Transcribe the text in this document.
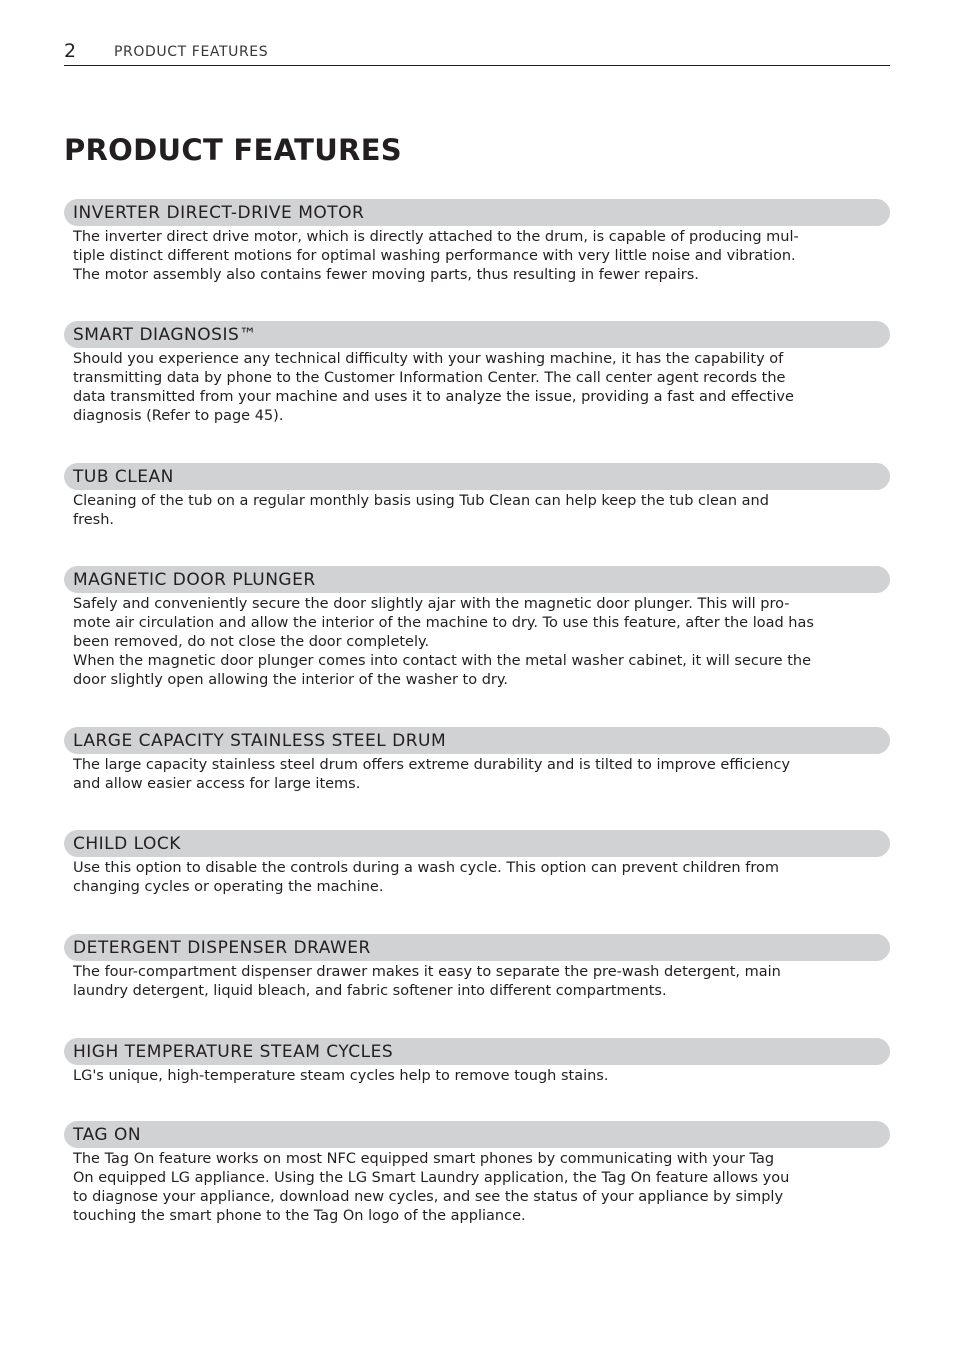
2	PRODUCT FEATURES
PRODUCT FEATURES
INVERTER DIRECT-DRIVE MOTOR

The inverter direct drive motor, which is directly attached to the drum, is capable of producing mul-
tiple distinct different motions for optimal washing performance with very little noise and vibration.
The motor assembly also contains fewer moving parts, thus resulting in fewer repairs.

SMART DIAGNOSIS™

Should you experience any technical difficulty with your washing machine, it has the capability of
transmitting data by phone to the Customer Information Center. The call center agent records the
data transmitted from your machine and uses it to analyze the issue, providing a fast and effective
diagnosis (Refer to page 45).

TUB CLEAN

Cleaning of the tub on a regular monthly basis using Tub Clean can help keep the tub clean and
fresh.

MAGNETIC DOOR PLUNGER

Safely and conveniently secure the door slightly ajar with the magnetic door plunger. This will pro-
mote air circulation and allow the interior of the machine to dry. To use this feature, after the load has
been removed, do not close the door completely.

When the magnetic door plunger comes into contact with the metal washer cabinet, it will secure the
door slightly open allowing the interior of the washer to dry.

LARGE CAPACITY STAINLESS STEEL DRUM

The large capacity stainless steel drum offers extreme durability and is tilted to improve efficiency
and allow easier access for large items.

CHILD LOCK

Use this option to disable the controls during a wash cycle. This option can prevent children from
changing cycles or operating the machine.

DETERGENT DISPENSER DRAWER

The four-compartment dispenser drawer makes it easy to separate the pre-wash detergent, main
laundry detergent, liquid bleach, and fabric softener into different compartments.

HIGH TEMPERATURE STEAM CYCLES

LG's unique, high-temperature steam cycles help to remove tough stains.

TAG ON

The Tag On feature works on most NFC equipped smart phones by communicating with your Tag
On equipped LG appliance. Using the LG Smart Laundry application, the Tag On feature allows you
to diagnose your appliance, download new cycles, and see the status of your appliance by simply
touching the smart phone to the Tag On logo of the appliance.
